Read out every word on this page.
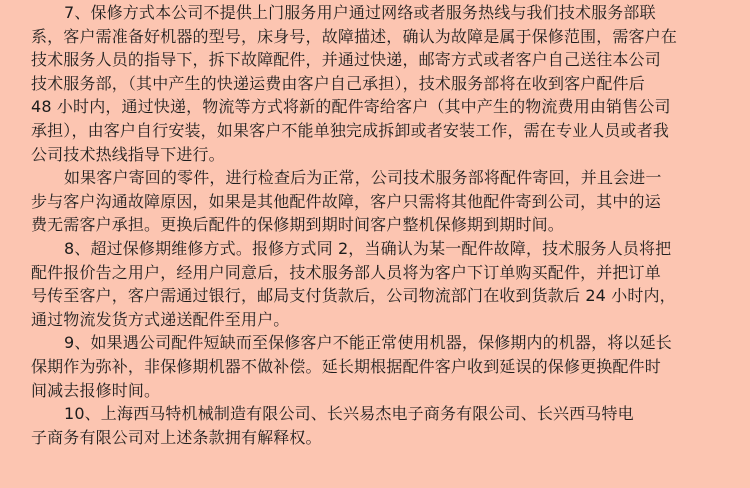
7、保修方式本公司不提供上门服务用户通过网络或者服务热线与我们技术服务部联
系，客户需准备好机器的型号，床身号，故障描述，确认为故障是属于保修范围，需客户在
技术服务人员的指导下，拆下故障配件，并通过快递，邮寄方式或者客户自己送往本公司
技术服务部，（其中产生的快递运费由客户自己承担），技术服务部将在收到客户配件后
48 小时内，通过快递，物流等方式将新的配件寄给客户（其中产生的物流费用由销售公司
承担），由客户自行安装，如果客户不能单独完成拆卸或者安装工作，需在专业人员或者我
公司技术热线指导下进行。
如果客户寄回的零件，进行检查后为正常，公司技术服务部将配件寄回，并且会进一
步与客户沟通故障原因，如果是其他配件故障，客户只需将其他配件寄到公司，其中的运
费无需客户承担。更换后配件的保修期到期时间客户整机保修期到期时间。
8、超过保修期维修方式。报修方式同 2，当确认为某一配件故障，技术服务人员将把
配件报价告之用户，经用户同意后，技术服务部人员将为客户下订单购买配件，并把订单
号传至客户，客户需通过银行，邮局支付货款后，公司物流部门在收到货款后 24 小时内，
通过物流发货方式递送配件至用户。
9、如果遇公司配件短缺而至保修客户不能正常使用机器，保修期内的机器，将以延长
保期作为弥补，非保修期机器不做补偿。延长期根据配件客户收到延误的保修更换配件时
间减去报修时间。
10、上海西马特机械制造有限公司、长兴易杰电子商务有限公司、长兴西马特电
子商务有限公司对上述条款拥有解释权。
